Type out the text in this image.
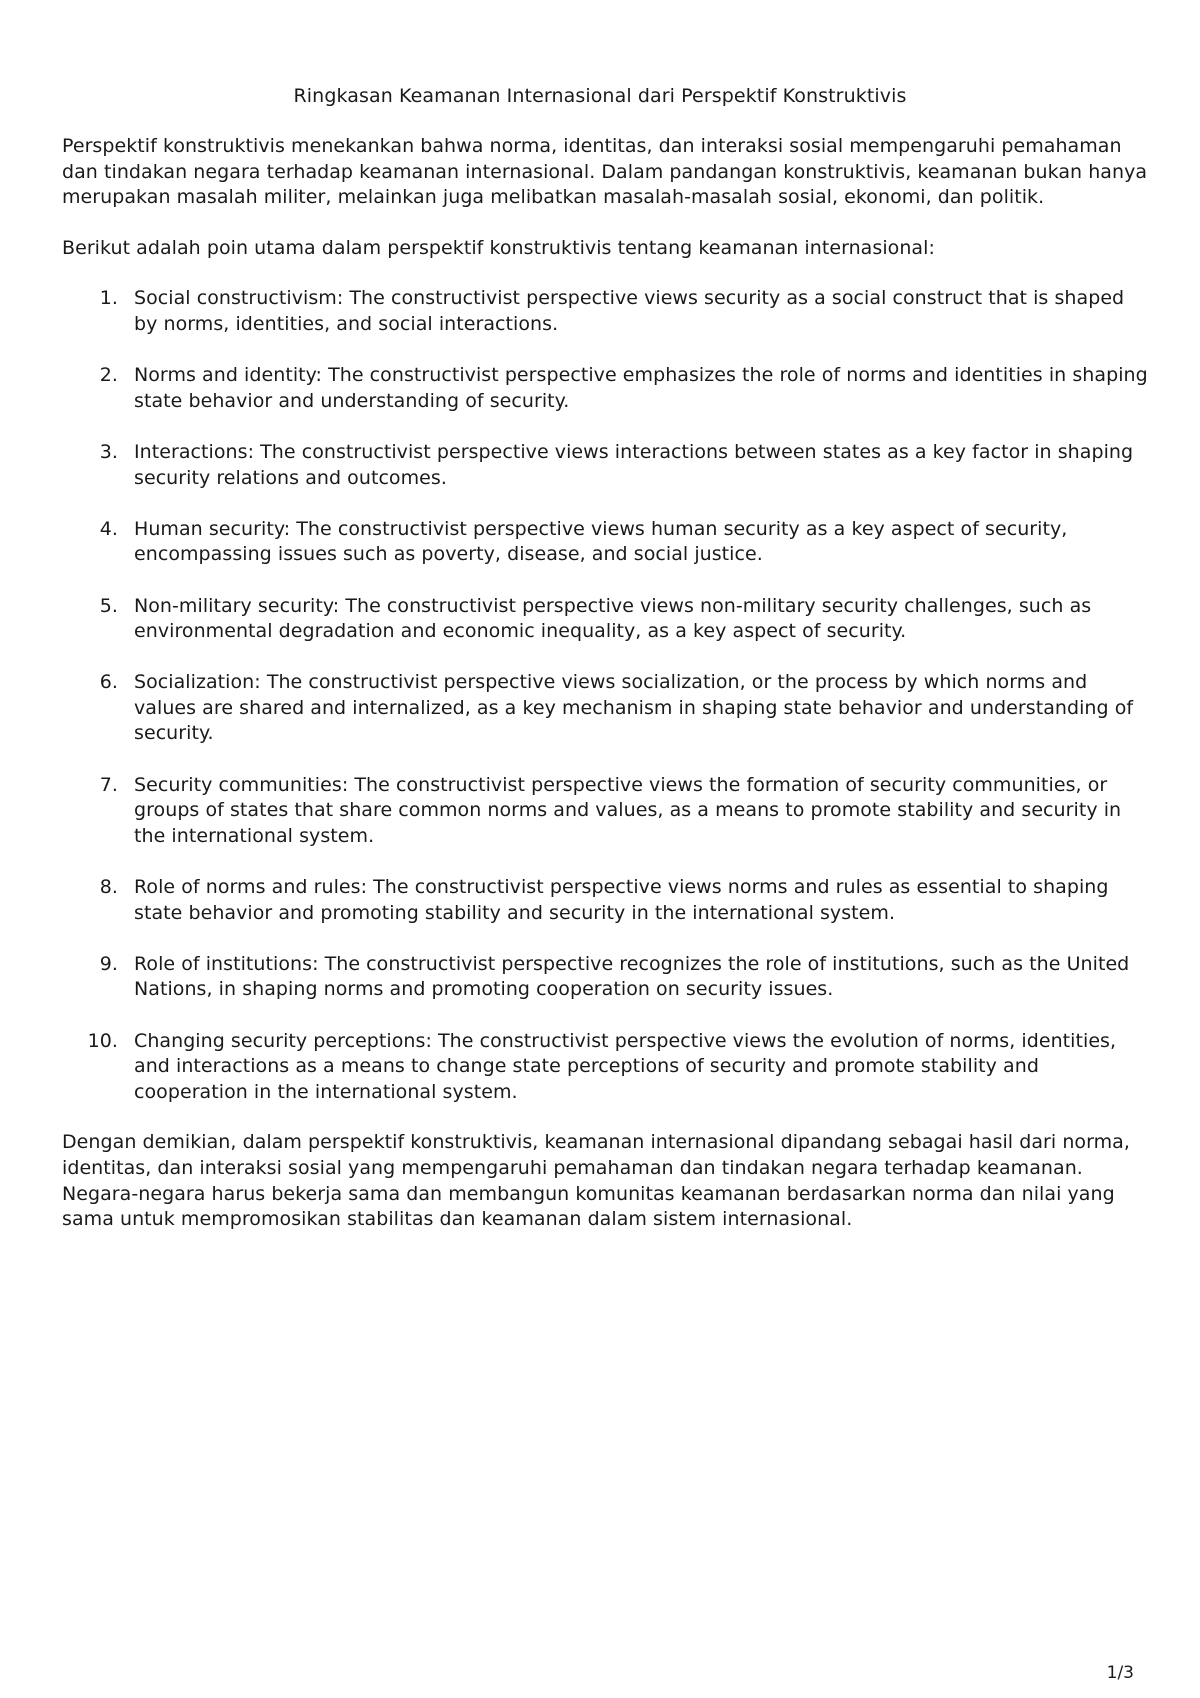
Ringkasan Keamanan Internasional dari Perspektif Konstruktivis

Perspektif konstruktivis menekankan bahwa norma, identitas, dan interaksi sosial mempengaruhi pemahaman dan tindakan negara terhadap keamanan internasional. Dalam pandangan konstruktivis, keamanan bukan hanya merupakan masalah militer, melainkan juga melibatkan masalah-masalah sosial, ekonomi, dan politik.

Berikut adalah poin utama dalam perspektif konstruktivis tentang keamanan internasional:

1. Social constructivism: The constructivist perspective views security as a social construct that is shaped by norms, identities, and social interactions.
2. Norms and identity: The constructivist perspective emphasizes the role of norms and identities in shaping state behavior and understanding of security.
3. Interactions: The constructivist perspective views interactions between states as a key factor in shaping security relations and outcomes.
4. Human security: The constructivist perspective views human security as a key aspect of security, encompassing issues such as poverty, disease, and social justice.
5. Non-military security: The constructivist perspective views non-military security challenges, such as environmental degradation and economic inequality, as a key aspect of security.
6. Socialization: The constructivist perspective views socialization, or the process by which norms and values are shared and internalized, as a key mechanism in shaping state behavior and understanding of security.
7. Security communities: The constructivist perspective views the formation of security communities, or groups of states that share common norms and values, as a means to promote stability and security in the international system.
8. Role of norms and rules: The constructivist perspective views norms and rules as essential to shaping state behavior and promoting stability and security in the international system.
9. Role of institutions: The constructivist perspective recognizes the role of institutions, such as the United Nations, in shaping norms and promoting cooperation on security issues.
10. Changing security perceptions: The constructivist perspective views the evolution of norms, identities, and interactions as a means to change state perceptions of security and promote stability and cooperation in the international system.

Dengan demikian, dalam perspektif konstruktivis, keamanan internasional dipandang sebagai hasil dari norma, identitas, dan interaksi sosial yang mempengaruhi pemahaman dan tindakan negara terhadap keamanan. Negara-negara harus bekerja sama dan membangun komunitas keamanan berdasarkan norma dan nilai yang sama untuk mempromosikan stabilitas dan keamanan dalam sistem internasional.

1/3
